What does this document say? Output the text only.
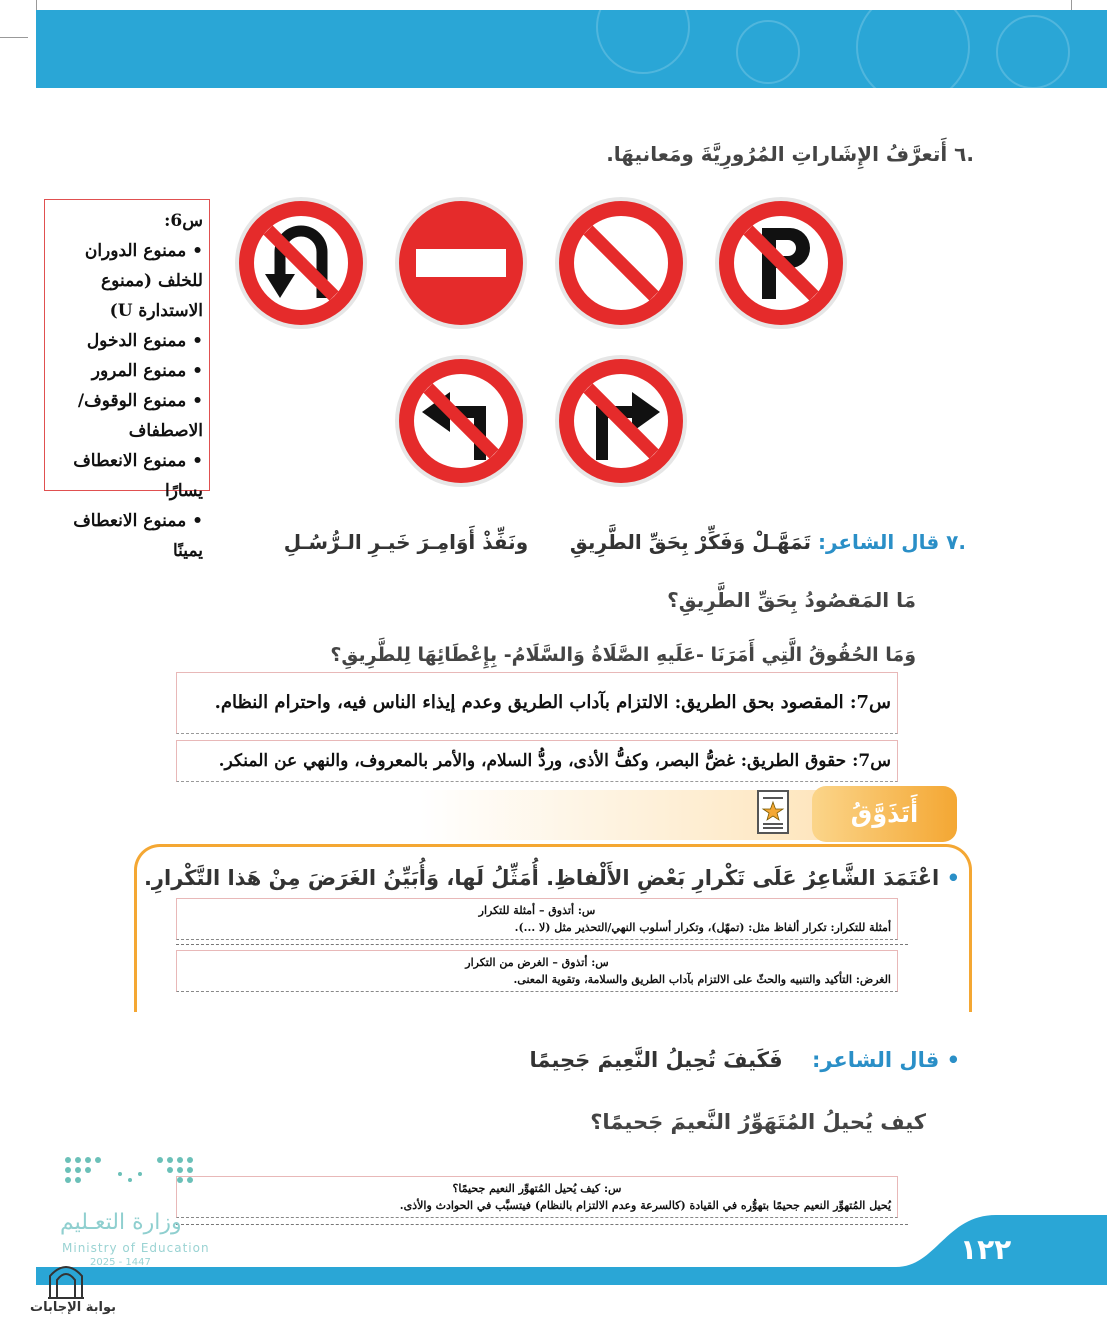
.٦ أَتعرَّفُ الإِشَاراتِ المُرُورِيَّةَ ومَعانيهَا.
س6:
• ممنوع الدوران للخلف (ممنوع الاستدارة U)
• ممنوع الدخول
• ممنوع المرور
• ممنوع الوقوف/ الاصطفاف
• ممنوع الانعطاف يسارًا
• ممنوع الانعطاف يمينًا	.٧ قال الشاعر: تَمَهَّـلْ وَفَكِّرْ بِحَقِّ الطَّرِيقِ      ونَفِّذْ أَوَامِـرَ خَيـرِ الـرُّسُـلِ
مَا المَقصُودُ بِحَقِّ الطَّرِيقِ؟
وَمَا الحُقُوقُ الَّتِي أَمَرَنَا -عَلَيهِ الصَّلَاةُ وَالسَّلَامُ- بِإِعْطَائِهَا لِلطَّرِيقِ؟
س7: المقصود بحق الطريق: الالتزام بآداب الطريق وعدم إيذاء الناس فيه، واحترام النظام.
س7: حقوق الطريق: غضُّ البصر، وكفُّ الأذى، وردُّ السلام، والأمر بالمعروف، والنهي عن المنكر.
أَتَذَوَّقُ
• اعْتَمَدَ الشَّاعِرُ عَلَى تَكْرارِ بَعْضِ الأَلْفاظِ. أُمَثِّلُ لَها، وَأُبَيِّنُ الغَرَضَ مِنْ هَذا التَّكْرارِ.
س: أتذوق – أمثلة للتكرار
أمثلة للتكرار: تكرار ألفاظ مثل: (تمهّل)، وتكرار أسلوب النهي/التحذير مثل (لا ...).
س: أتذوق – الغرض من التكرار
الغرض: التأكيد والتنبيه والحثّ على الالتزام بآداب الطريق والسلامة، وتقوية المعنى.
• قال الشاعر:    فَكَيفَ تُحِيلُ النَّعِيمَ جَحِيمًا
كيف يُحيلُ المُتَهَوِّرُ النَّعيمَ جَحيمًا؟
س: كيف يُحيل المُتهوِّر النعيم جحيمًا؟
يُحيل المُتهوِّر النعيم جحيمًا بتهوُّره في القيادة (كالسرعة وعدم الالتزام بالنظام) فيتسبَّب في الحوادث والأذى.
١٢٢
وزارة التعـليم
Ministry of Education
2025 - 1447
بوابة الإجابات
